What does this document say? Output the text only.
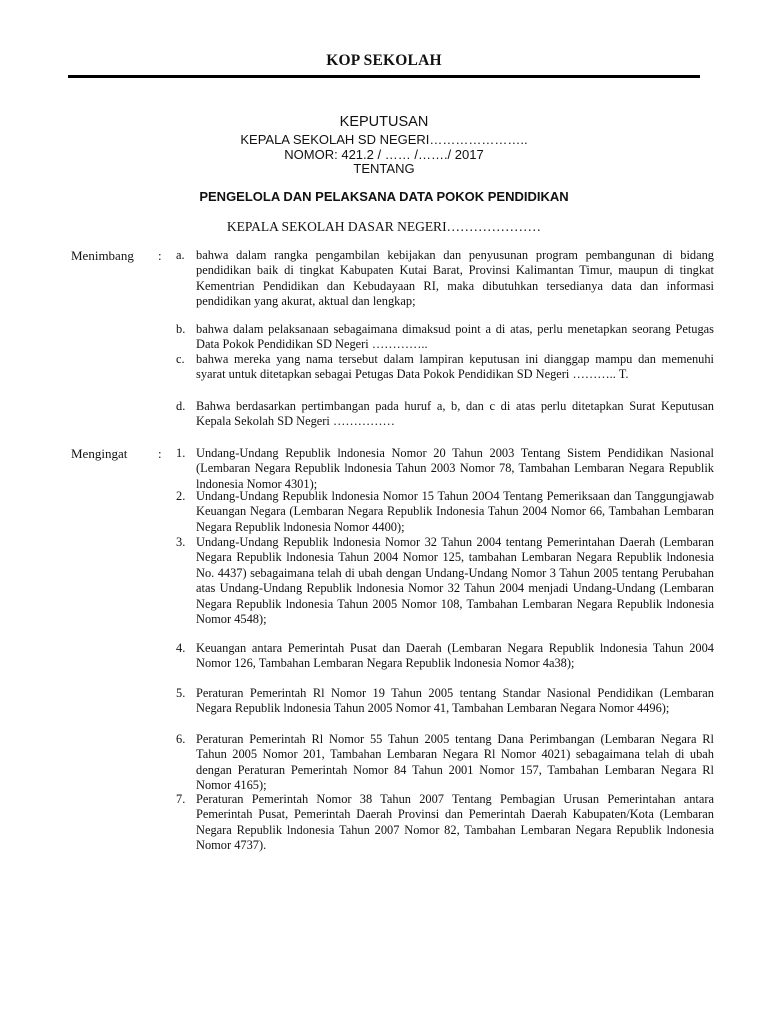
KOP SEKOLAH
KEPUTUSAN
KEPALA SEKOLAH SD NEGERI…………………..
NOMOR: 421.2 / …… /……./ 2017
TENTANG
PENGELOLA DAN PELAKSANA DATA POKOK PENDIDIKAN
KEPALA SEKOLAH DASAR NEGERI…………………
Menimbang : a. bahwa dalam rangka pengambilan kebijakan dan penyusunan program pembangunan di bidang pendidikan baik di tingkat Kabupaten Kutai Barat, Provinsi Kalimantan Timur, maupun di tingkat Kementrian Pendidikan dan Kebudayaan RI, maka dibutuhkan tersedianya data dan informasi pendidikan yang akurat, aktual dan lengkap;
b. bahwa dalam pelaksanaan sebagaimana dimaksud point a di atas, perlu menetapkan seorang Petugas Data Pokok Pendidikan SD Negeri …………..
c. bahwa mereka yang nama tersebut dalam lampiran keputusan ini dianggap mampu dan memenuhi syarat untuk ditetapkan sebagai Petugas Data Pokok Pendidikan SD Negeri ……….. T.
d. Bahwa berdasarkan pertimbangan pada huruf a, b, dan c di atas perlu ditetapkan Surat Keputusan Kepala Sekolah SD Negeri ……………
Mengingat : 1. Undang-Undang Republik lndonesia Nomor 20 Tahun 2003 Tentang Sistem Pendidikan Nasional (Lembaran Negara Republik lndonesia Tahun 2003 Nomor 78, Tambahan Lembaran Negara Republik lndonesia Nomor 4301);
2. Undang-Undang Republik lndonesia Nomor 15 Tahun 20O4 Tentang Pemeriksaan dan Tanggungjawab Keuangan Negara (Lembaran Negara Republik Indonesia Tahun 2004 Nomor 66, Tambahan Lembaran Negara Republik lndonesia Nomor 4400);
3. Undang-Undang Republik lndonesia Nomor 32 Tahun 2004 tentang Pemerintahan Daerah (Lembaran Negara Republik lndonesia Tahun 2004 Nomor 125, tambahan Lembaran Negara Republik lndonesia No. 4437) sebagaimana telah di ubah dengan Undang-Undang Nomor 3 Tahun 2005 tentang Perubahan atas Undang-Undang Republik lndonesia Nomor 32 Tahun 2004 menjadi Undang-Undang (Lembaran Negara Republik lndonesia Tahun 2005 Nomor 108, Tambahan Lembaran Negara Republik lndonesia Nomor 4548);
4. Keuangan antara Pemerintah Pusat dan Daerah (Lembaran Negara Republik lndonesia Tahun 2004 Nomor 126, Tambahan Lembaran Negara Republik lndonesia Nomor 4a38);
5. Peraturan Pemerintah Rl Nomor 19 Tahun 2005 tentang Standar Nasional Pendidikan (Lembaran Negara Republik lndonesia Tahun 2005 Nomor 41, Tambahan Lembaran Negara Nomor 4496);
6. Peraturan Pemerintah Rl Nomor 55 Tahun 2005 tentang Dana Perimbangan (Lembaran Negara Rl Tahun 2005 Nomor 201, Tambahan Lembaran Negara Rl Nomor 4021) sebagaimana telah di ubah dengan Peraturan Pemerintah Nomor 84 Tahun 2001 Nomor 157, Tambahan Lembaran Negara Rl Nomor 4165);
7. Peraturan Pemerintah Nomor 38 Tahun 2007 Tentang Pembagian Urusan Pemerintahan antara Pemerintah Pusat, Pemerintah Daerah Provinsi dan Pemerintah Daerah Kabupaten/Kota (Lembaran Negara Republik lndonesia Tahun 2007 Nomor 82, Tambahan Lembaran Negara Republik lndonesia Nomor 4737).
